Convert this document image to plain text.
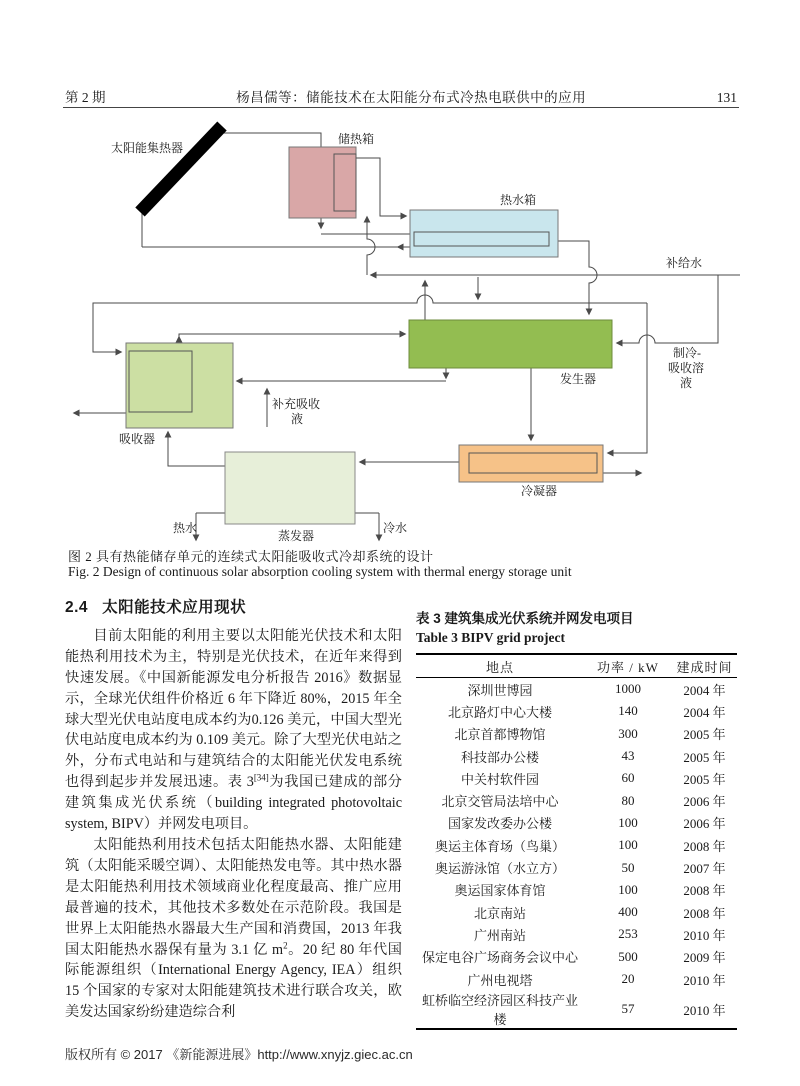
第 2 期	杨昌儒等：储能技术在太阳能分布式冷热电联供中的应用	131
太阳能集热器
储热箱
热水箱
补给水
发生器
制冷-
吸收溶
液
补充吸收
液
吸收器
冷凝器
蒸发器
热水	冷水
图 2 具有热能储存单元的连续式太阳能吸收式冷却系统的设计
Fig. 2 Design of continuous solar absorption cooling system with thermal energy storage unit
2.4 太阳能技术应用现状

目前太阳能的利用主要以太阳能光伏技术和太阳能热利用技术为主，特别是光伏技术，在近年来得到快速发展。《中国新能源发电分析报告 2016》数据显示，全球光伏组件价格近 6 年下降近 80%，2015 年全球大型光伏电站度电成本约为0.126 美元，中国大型光伏电站度电成本约为 0.109 美元。除了大型光伏电站之外，分布式电站和与建筑结合的太阳能光伏发电系统也得到起步并发展迅速。表 3[34]为我国已建成的部分建筑集成光伏系统（building integrated photovoltaic system, BIPV）并网发电项目。

太阳能热利用技术包括太阳能热水器、太阳能建筑（太阳能采暖空调）、太阳能热发电等。其中热水器是太阳能热利用技术领域商业化程度最高、推广应用最普遍的技术，其他技术多数处在示范阶段。我国是世界上太阳能热水器最大生产国和消费国，2013 年我国太阳能热水器保有量为 3.1 亿 $m^2$。20 纪 80 年代国际能源组织（International Energy Agency, IEA）组织 15 个国家的专家对太阳能建筑技术进行联合攻关，欧美发达国家纷纷建造综合利

表 3 建筑集成光伏系统并网发电项目

Table 3 BIPV grid project

地点	功率 / kW	建成时间
深圳世博园	1000	2004 年
北京路灯中心大楼	140	2004 年
北京首都博物馆	300	2005 年
科技部办公楼	43	2005 年
中关村软件园	60	2005 年
北京交管局法培中心	80	2006 年
国家发改委办公楼	100	2006 年
奥运主体育场（鸟巢）	100	2008 年
奥运游泳馆（水立方）	50	2007 年
奥运国家体育馆	100	2008 年
北京南站	400	2008 年
广州南站	253	2010 年
保定电谷广场商务会议中心	500	2009 年
广州电视塔	20	2010 年
虹桥临空经济园区科技产业楼	57	2010 年
版权所有 © 2017 《新能源进展》http://www.xnyjz.giec.ac.cn
